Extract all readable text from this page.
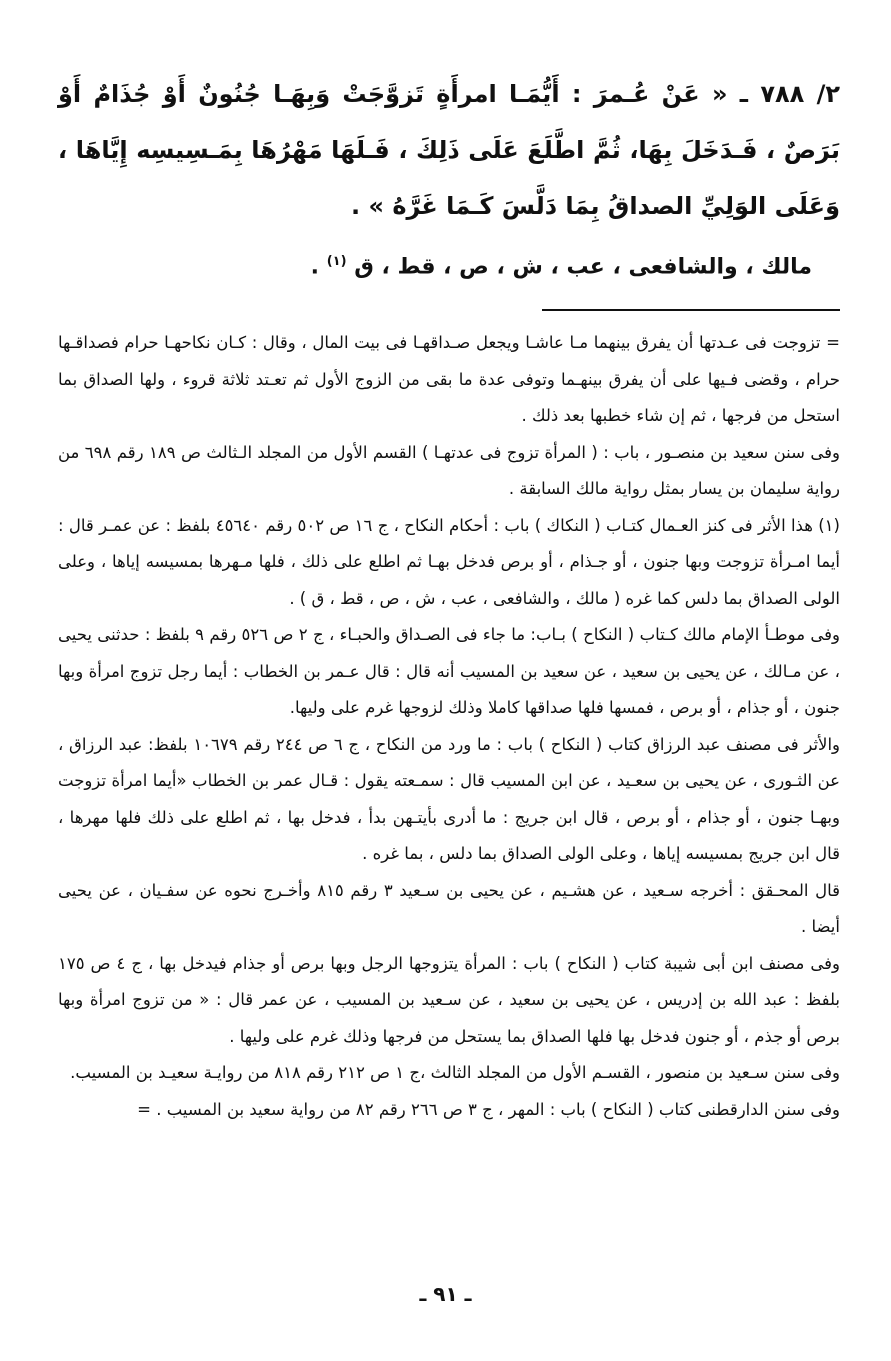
٢/ ٧٨٨ ـ « عَنْ عُـمرَ : أَيُّمَـا امرأَةٍ تَزوَّجَتْ وَبِهَـا جُنُونٌ أَوْ جُذَامٌ أَوْ بَرَصٌ ، فَـدَخَلَ بِهَا، ثُمَّ اطَّلَعَ عَلَى ذَلِكَ ، فَـلَهَا مَهْرُهَا بِمَـسِيسِه إِيَّاهَا ، وَعَلَى الوَلِيِّ الصداقُ بِمَا دَلَّسَ كَـمَا غَرَّهُ » .

مالك ، والشافعى ، عب ، ش ، ص ، قط ، ق $^{(١)}$ .

= تزوجت فى عـدتها أن يفرق بينهما مـا عاشـا ويجعل صـداقهـا فى بيت المال ، وقال : كـان نكاحهـا حرام فصداقـها حرام ، وقضى فـيها على أن يفرق بينهـما وتوفى عدة ما بقى من الزوج الأول ثم تعـتد ثلاثة قروء ، ولها الصداق بما استحل من فرجها ، ثم إن شاء خطبها بعد ذلك .

وفى سنن سعيد بن منصـور ، باب : ( المرأة تزوج فى عدتهـا ) القسم الأول من المجلد الـثالث ص ١٨٩ رقم ٦٩٨ من رواية سليمان بن يسار بمثل رواية مالك السابقة .

(١) هذا الأثر فى كنز العـمال كتـاب ( النكاك ) باب : أحكام النكاح ، ج ١٦ ص ٥٠٢ رقم ٤٥٦٤٠ بلفظ : عن عمـر قال : أيما امـرأة تزوجت وبها جنون ، أو جـذام ، أو برص فدخل بهـا ثم اطلع على ذلك ، فلها مـهرها بمسيسه إياها ، وعلى الولى الصداق بما دلس كما غره ( مالك ، والشافعى ، عب ، ش ، ص ، قط ، ق ) .

وفى موطـأ الإمام مالك كـتاب ( النكاح ) بـاب: ما جاء فى الصـداق والحبـاء ، ج ٢ ص ٥٢٦ رقم ٩ بلفظ : حدثنى يحيى ، عن مـالك ، عن يحيى بن سعيد ، عن سعيد بن المسيب أنه قال : قال عـمر بن الخطاب : أيما رجل تزوج امرأة وبها جنون ، أو جذام ، أو برص ، فمسها فلها صداقها كاملا وذلك لزوجها غرم على وليها.

والأثر فى مصنف عبد الرزاق كتاب ( النكاح ) باب : ما ورد من النكاح ، ج ٦ ص ٢٤٤ رقم ١٠٦٧٩ بلفظ: عبد الرزاق ، عن الثـورى ، عن يحيى بن سعـيد ، عن ابن المسيب قال : سمـعته يقول : قـال عمر بن الخطاب «أيما امرأة تزوجت وبهـا جنون ، أو جذام ، أو برص ، قال ابن جريج : ما أدرى بأيتـهن بدأ ، فدخل بها ، ثم اطلع على ذلك فلها مهرها ، قال ابن جريج بمسيسه إياها ، وعلى الولى الصداق بما دلس ، بما غره .

قال المحـقق : أخرجه سـعيد ، عن هشـيم ، عن يحيى بن سـعيد ٣ رقم ٨١٥ وأخـرج نحوه عن سفـيان ، عن يحيى أيضا .

وفى مصنف ابن أبى شيبة كتاب ( النكاح ) باب : المرأة يتزوجها الرجل وبها برص أو جذام فيدخل بها ، ج ٤ ص ١٧٥ بلفظ : عبد الله بن إدريس ، عن يحيى بن سعيد ، عن سـعيد بن المسيب ، عن عمر قال : « من تزوج امرأة وبها برص أو جذم ، أو جنون فدخل بها فلها الصداق بما يستحل من فرجها وذلك غرم على وليها .

وفى سنن سـعيد بن منصور ، القسـم الأول من المجلد الثالث ،ج ١ ص ٢١٢ رقم ٨١٨ من روايـة سعيـد بن المسيب.

وفى سنن الدارقطنى كتاب ( النكاح ) باب : المهر ، ج ٣ ص ٢٦٦ رقم ٨٢ من رواية سعيد بن المسيب . =

ـ ٩١ ـ
